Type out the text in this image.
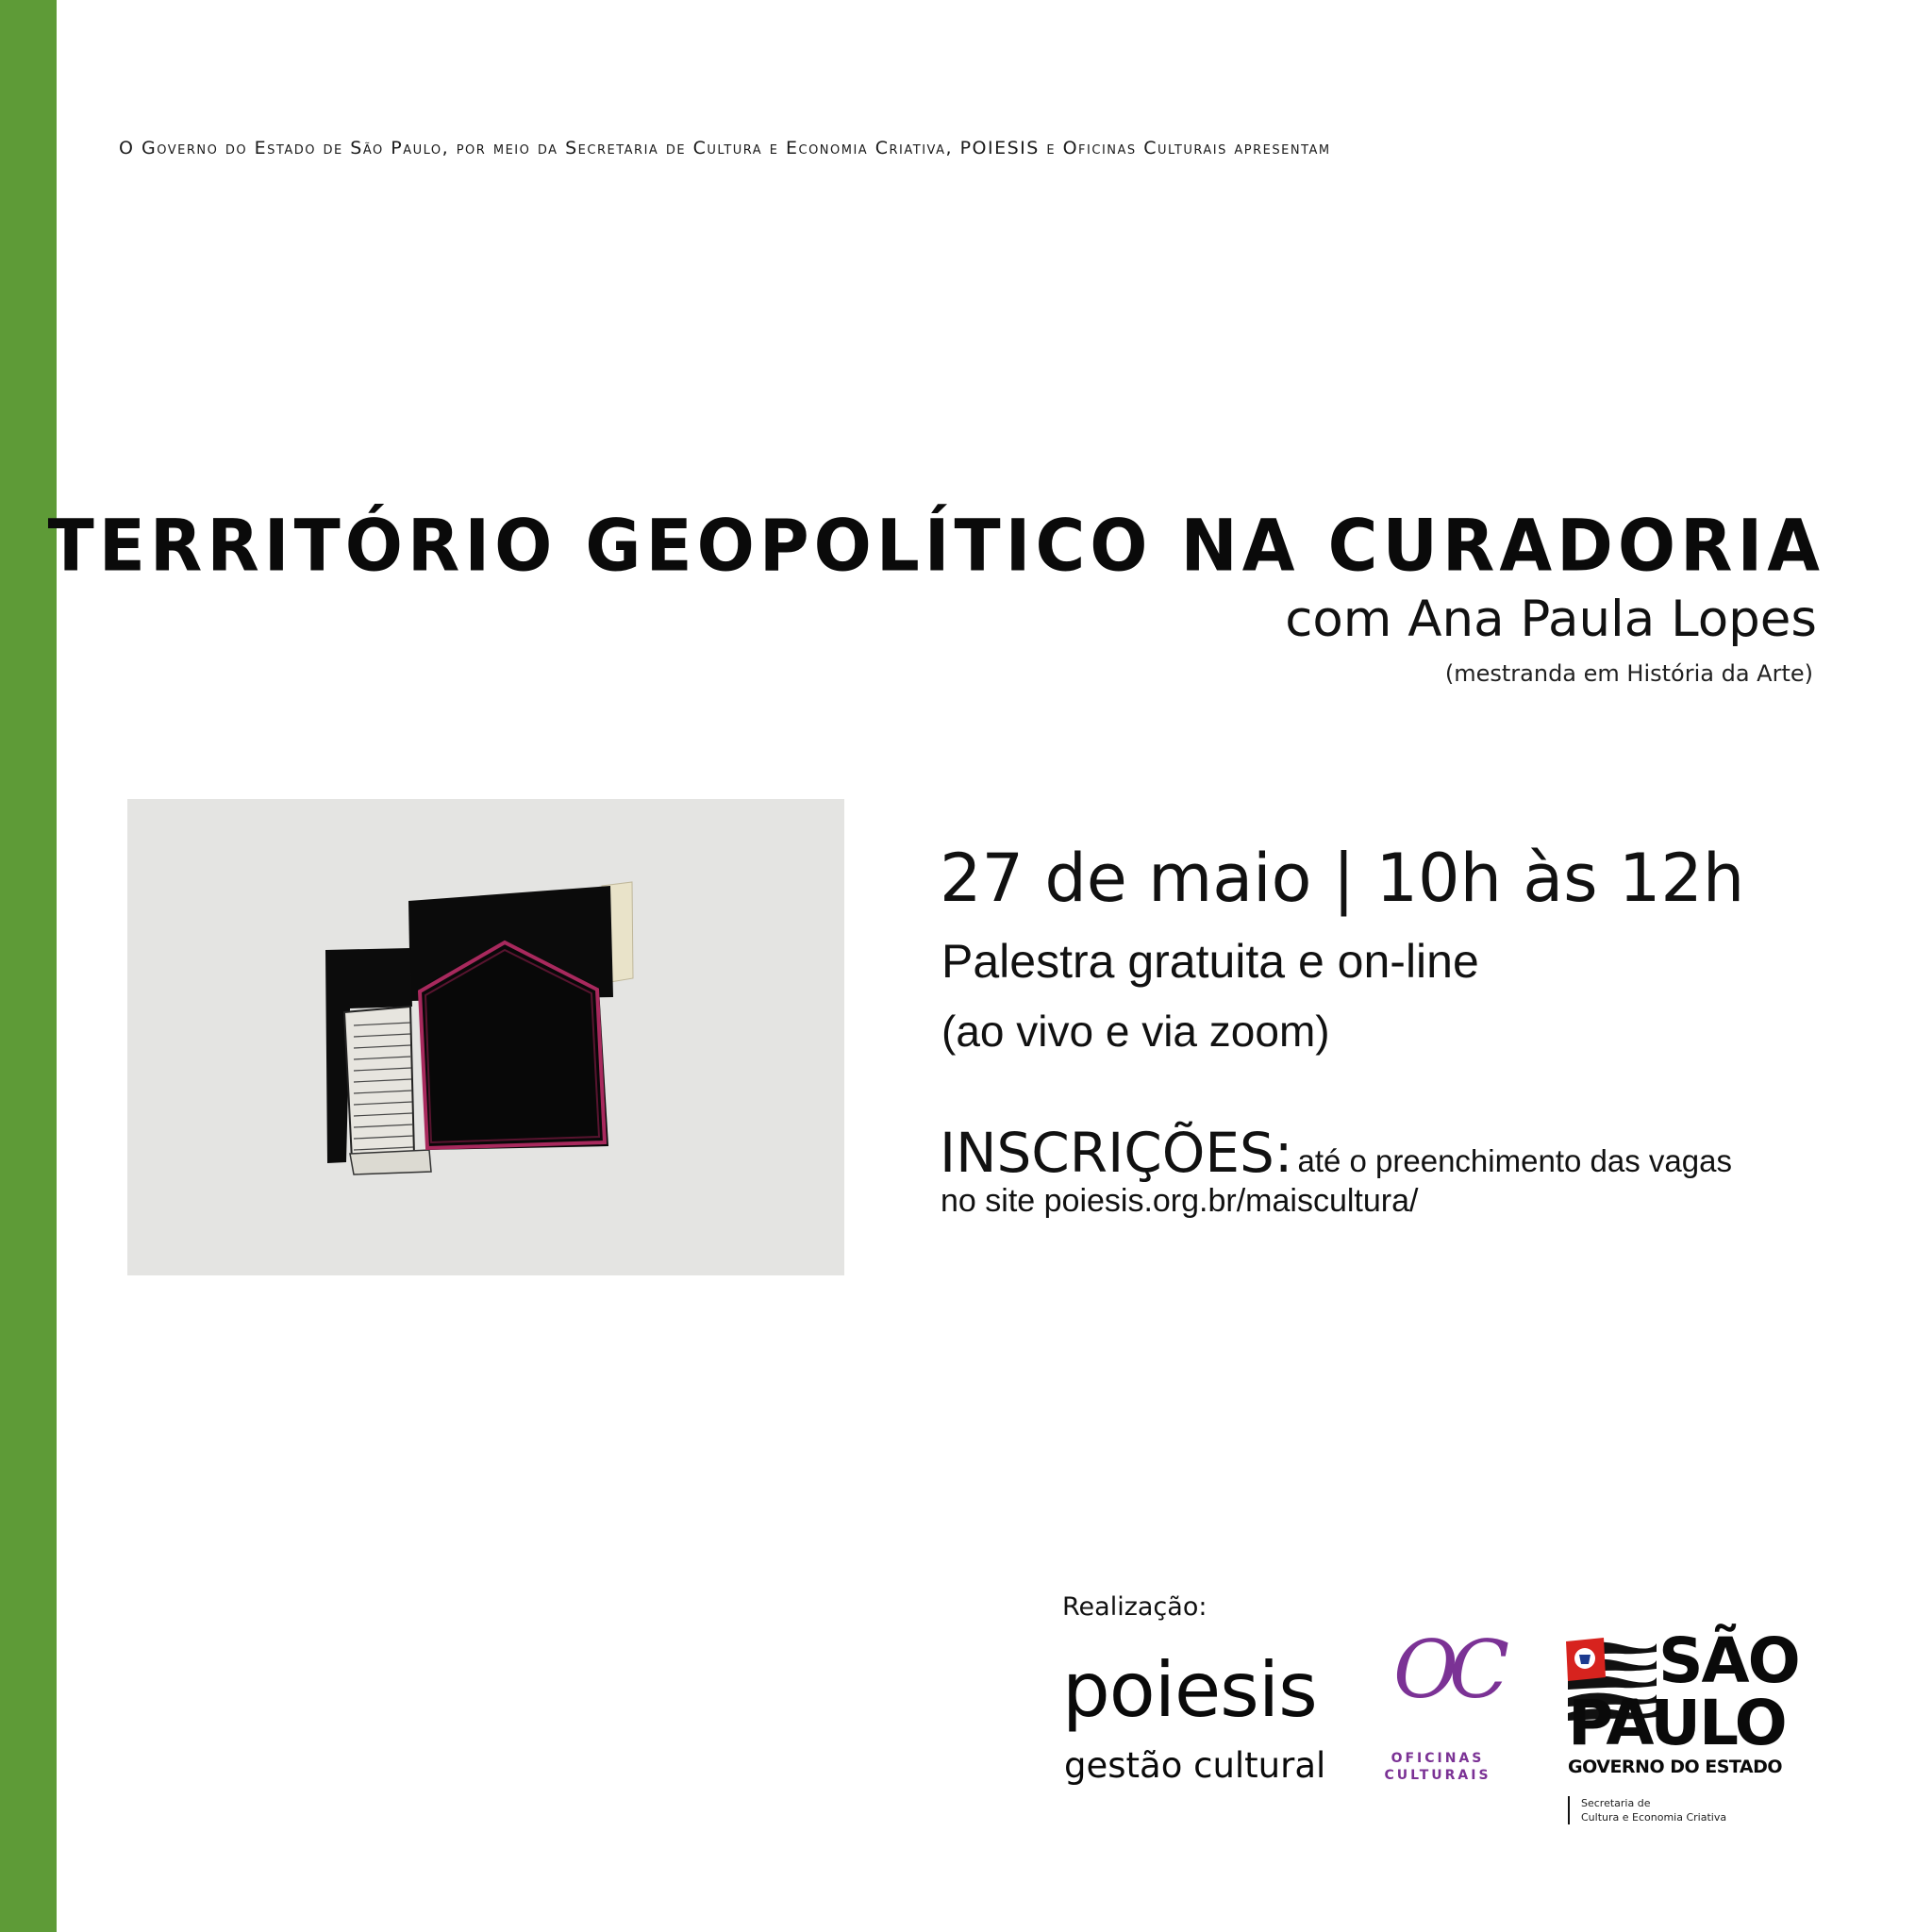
O Governo do Estado de São Paulo, por meio da Secretaria de Cultura e Economia Criativa, POIESIS e Oficinas Culturais apresentam
TERRITÓRIO GEOPOLÍTICO NA CURADORIA
com Ana Paula Lopes
(mestranda em História da Arte)
27 de maio | 10h às 12h
Palestra gratuita e on-line
(ao vivo e via zoom)
INSCRIÇÕES: até o preenchimento das vagas
no site poiesis.org.br/maiscultura/
Realização:
poiesis
gestão cultural
OC
OFICINAS
CULTURAIS
SÃO
PAULO
GOVERNO DO ESTADO
Secretaria de
Cultura e Economia Criativa
